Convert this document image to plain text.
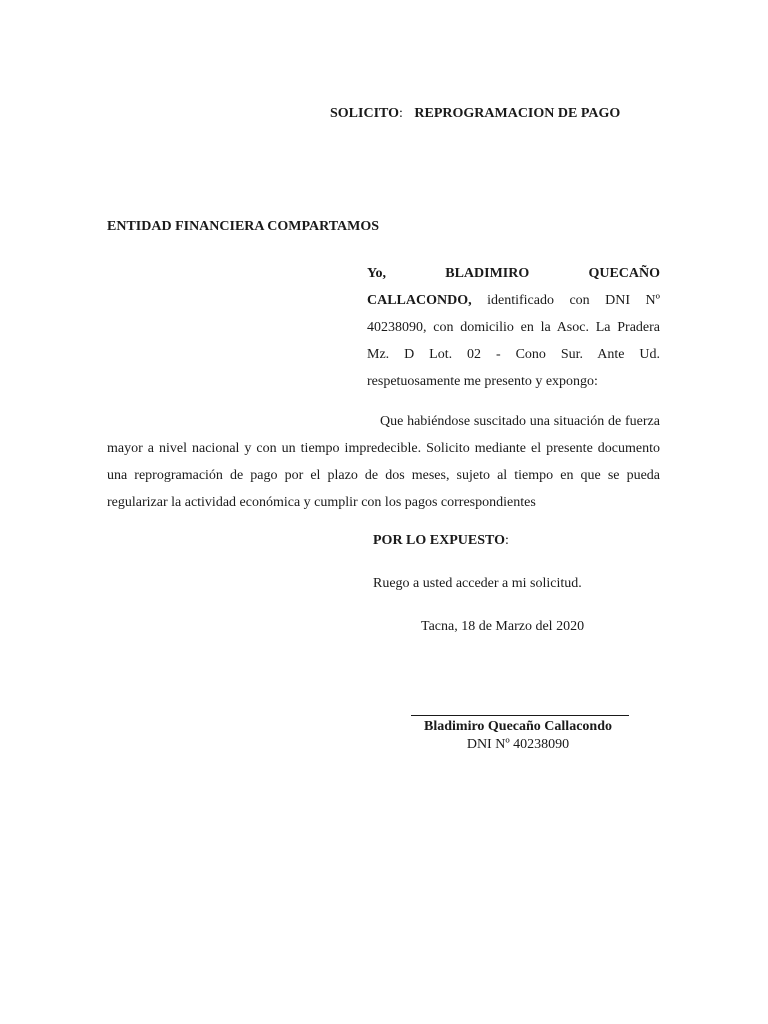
SOLICITO: REPROGRAMACION DE PAGO
ENTIDAD FINANCIERA COMPARTAMOS
Yo,	BLADIMIRO	QUECAÑO
CALLACONDO, identificado con DNI Nº 40238090, con domicilio en la Asoc. La Pradera Mz. D Lot. 02 - Cono Sur. Ante Ud. respetuosamente me presento y expongo:
Que habiéndose suscitado una situación de fuerza mayor a nivel nacional y con un tiempo impredecible. Solicito mediante el presente documento una reprogramación de pago por el plazo de dos meses, sujeto al tiempo en que se pueda regularizar la actividad económica y cumplir con los pagos correspondientes
POR LO EXPUESTO:
Ruego a usted acceder a mi solicitud.
Tacna, 18 de Marzo del 2020
Bladimiro Quecaño Callacondo
DNI Nº 40238090
